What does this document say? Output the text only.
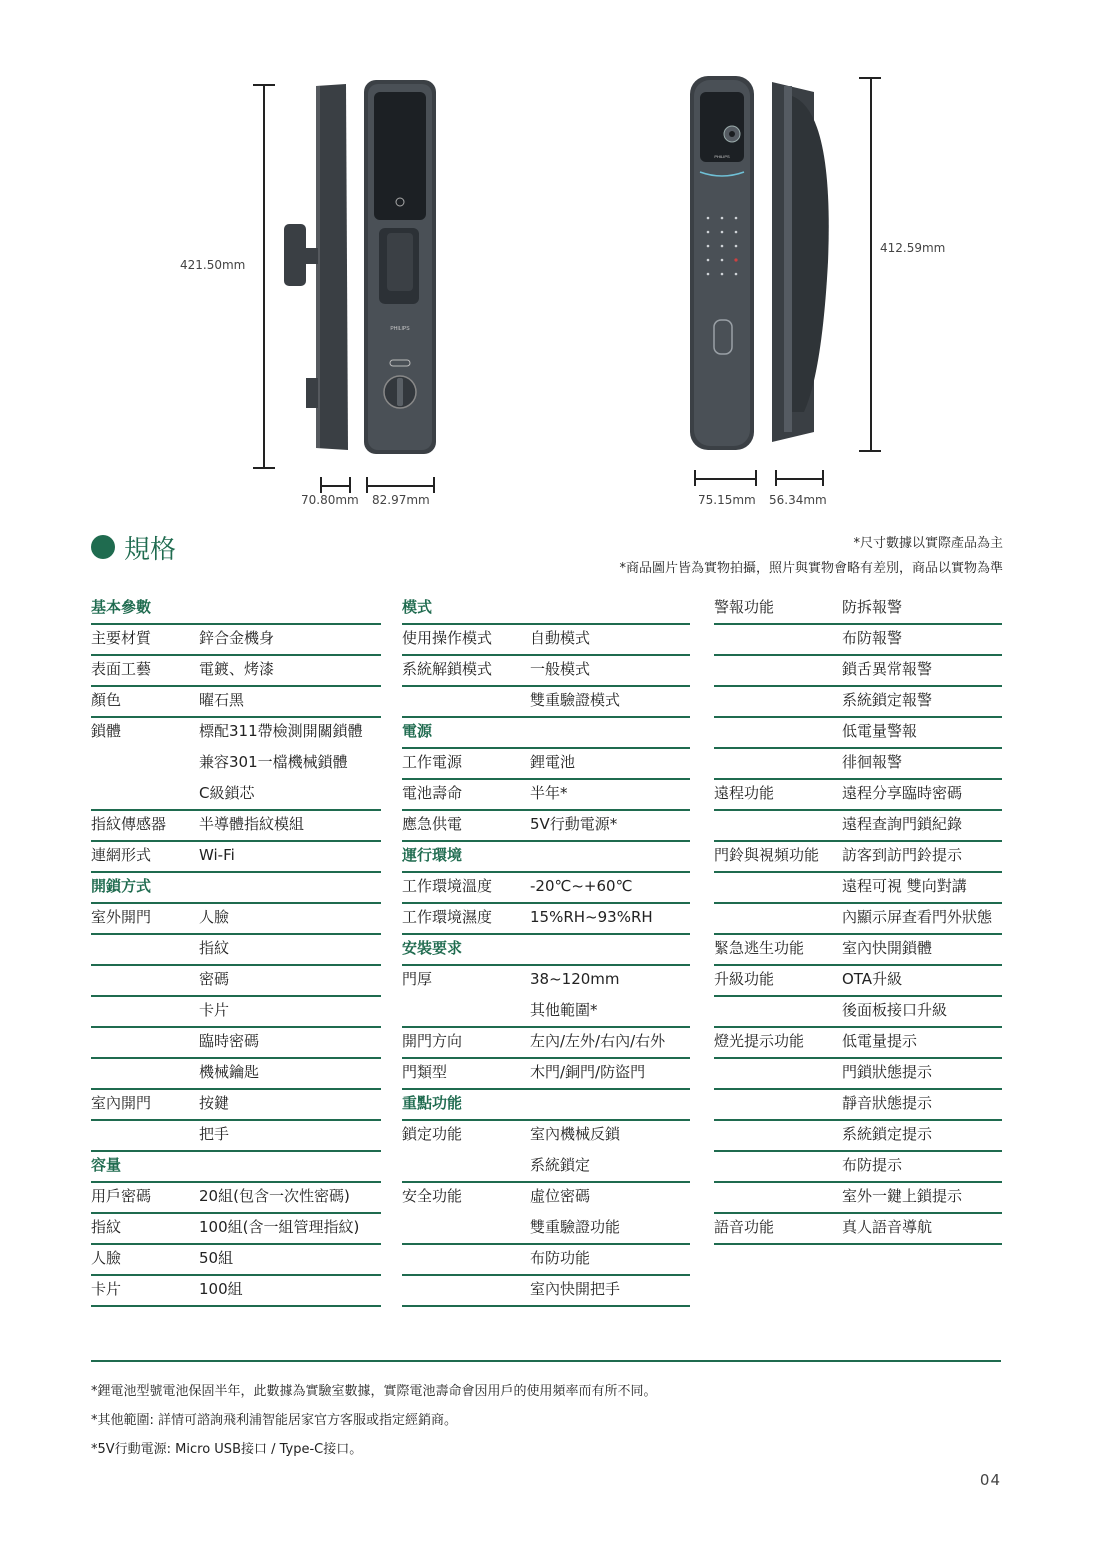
421.50mm
70.80mm 82.97mm
PHILIPS
PHILIPS
412.59mm
75.15mm 56.34mm
規格	*尺寸數據以實際產品為主
*商品圖片皆為實物拍攝，照片與實物會略有差別，商品以實物為準
基本參數
主要材質	鋅合金機身
表面工藝	電鍍、烤漆
顏色	曜石黑
鎖體	標配311帶檢測開關鎖體
兼容301一檔機械鎖體
C級鎖芯
指紋傳感器 半導體指紋模組
連網形式	Wi-Fi
開鎖方式
室外開門	人臉
指紋
密碼
卡片
臨時密碼
機械鑰匙
室內開門	按鍵
把手
容量
用戶密碼	20組(包含一次性密碼)
指紋	100組(含一組管理指紋)
人臉	50組
卡片	100組
模式
使用操作模式	自動模式
系統解鎖模式	一般模式
雙重驗證模式
電源
工作電源	鋰電池
電池壽命	半年*
應急供電	5V行動電源*
運行環境
工作環境溫度	-20℃~+60℃
工作環境濕度	15%RH~93%RH
安裝要求
門厚	38~120mm
其他範圍*
開門方向	左內/左外/右內/右外
門類型	木門/銅門/防盜門
重點功能
鎖定功能	室內機械反鎖
系統鎖定
安全功能	虛位密碼
雙重驗證功能
布防功能
室內快開把手
警報功能	防拆報警
布防報警
鎖舌異常報警
系統鎖定報警
低電量警報
徘徊報警
遠程功能	遠程分享臨時密碼
遠程查詢門鎖紀錄
門鈴與視頻功能 訪客到訪門鈴提示
遠程可視 雙向對講
內顯示屏查看門外狀態
緊急逃生功能	室內快開鎖體
升級功能	OTA升級
後面板接口升級
燈光提示功能	低電量提示
門鎖狀態提示
靜音狀態提示
系統鎖定提示
布防提示
室外一鍵上鎖提示
語音功能	真人語音導航
*鋰電池型號電池保固半年，此數據為實驗室數據，實際電池壽命會因用戶的使用頻率而有所不同。
*其他範圍: 詳情可諮詢飛利浦智能居家官方客服或指定經銷商。
*5V行動電源: Micro USB接口 / Type-C接口。
04
